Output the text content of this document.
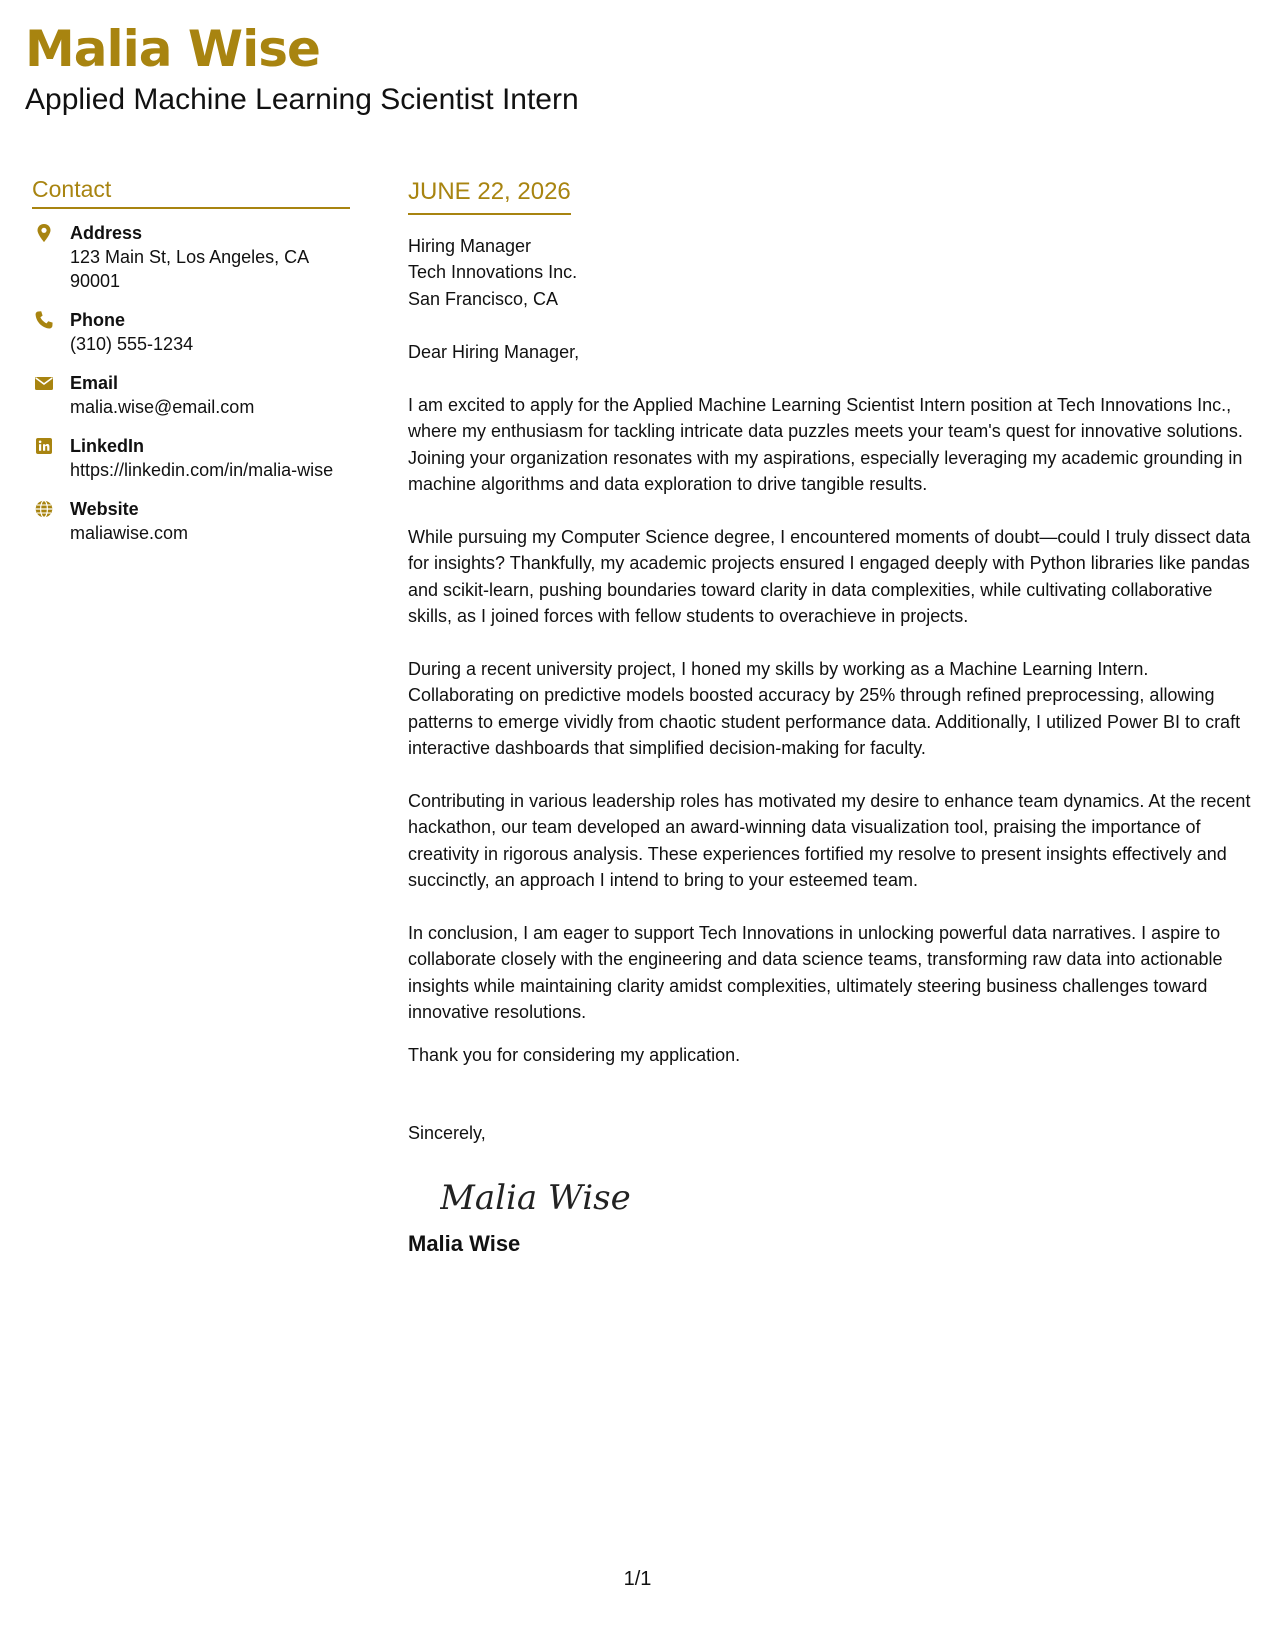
Malia Wise
Applied Machine Learning Scientist Intern
Contact
Address
123 Main St, Los Angeles, CA 90001
Phone
(310) 555-1234
Email
malia.wise@email.com
LinkedIn
https://linkedin.com/in/malia-wise
Website
maliawise.com
JUNE 22, 2026
Hiring Manager
Tech Innovations Inc.
San Francisco, CA
Dear Hiring Manager,

I am excited to apply for the Applied Machine Learning Scientist Intern position at Tech Innovations Inc., where my enthusiasm for tackling intricate data puzzles meets your team's quest for innovative solutions. Joining your organization resonates with my aspirations, especially leveraging my academic grounding in machine algorithms and data exploration to drive tangible results.

While pursuing my Computer Science degree, I encountered moments of doubt—could I truly dissect data for insights? Thankfully, my academic projects ensured I engaged deeply with Python libraries like pandas and scikit-learn, pushing boundaries toward clarity in data complexities, while cultivating collaborative skills, as I joined forces with fellow students to overachieve in projects.

During a recent university project, I honed my skills by working as a Machine Learning Intern. Collaborating on predictive models boosted accuracy by 25% through refined preprocessing, allowing patterns to emerge vividly from chaotic student performance data. Additionally, I utilized Power BI to craft interactive dashboards that simplified decision-making for faculty.

Contributing in various leadership roles has motivated my desire to enhance team dynamics. At the recent hackathon, our team developed an award-winning data visualization tool, praising the importance of creativity in rigorous analysis. These experiences fortified my resolve to present insights effectively and succinctly, an approach I intend to bring to your esteemed team.

In conclusion, I am eager to support Tech Innovations in unlocking powerful data narratives. I aspire to collaborate closely with the engineering and data science teams, transforming raw data into actionable insights while maintaining clarity amidst complexities, ultimately steering business challenges toward innovative resolutions.

Thank you for considering my application.
Sincerely,
Malia Wise
Malia Wise
1/1
